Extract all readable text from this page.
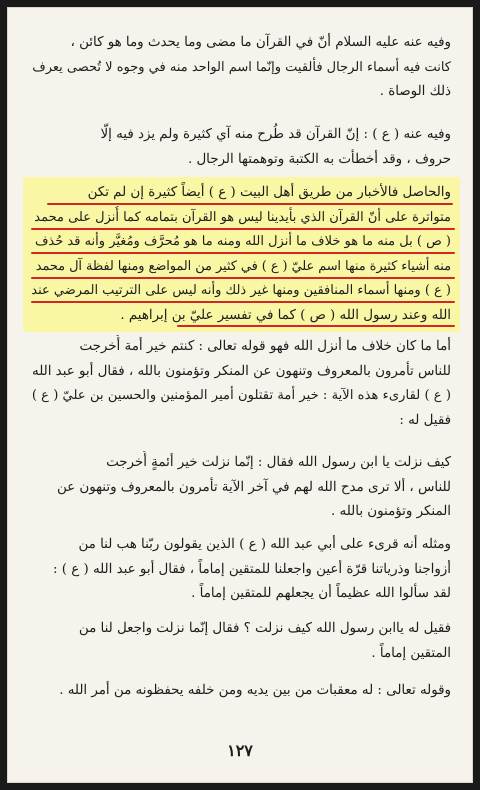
وفيه عنه عليه السلام أنّ في القرآن ما مضى وما يحدث وما هو كائن ،
كانت فيه أسماء الرجال فألقيت وإنّما اسم الواحد منه في وجوه لا تُحصى يعرف
ذلك الوصاة .

وفيه عنه ( ع ) : إنّ القرآن قد طُرح منه آي كثيرة ولم يزد فيه إلّا
حروف ، وقد أخطأت به الكتبة وتوهمتها الرجال .

والحاصل فالأخبار من طريق أهل البيت ( ع ) أيضاً كثيرة إن لم تكن
متواترة على أنّ القرآن الذي بأيدينا ليس هو القرآن بتمامه كما أُنزل على محمد
( ص ) بل منه ما هو خلاف ما أنزل الله ومنه ما هو مُحرَّف ومُغيَّر وأنه قد حُذف
منه أشياء كثيرة منها اسم عليّ ( ع ) في كثير من المواضع ومنها لفظة آل محمد
( ع ) ومنها أسماء المنافقين ومنها غير ذلك وأنه ليس على الترتيب المرضي عند
الله وعند رسول الله ( ص ) كما في تفسير عليّ بن إبراهيم .

أما ما كان خلاف ما أنزل الله فهو قوله تعالى : كنتم خير أمة أُخرجت
للناس تأمرون بالمعروف وتنهون عن المنكر وتؤمنون بالله ، فقال أبو عبد الله
( ع ) لقارىء هذه الآية : خير أمة تقتلون أمير المؤمنين والحسين بن عليّ ( ع )
فقيل له :

كيف نزلت يا ابن رسول الله فقال : إنّما نزلت خير أئمةٍ أُخرجت
للناس ، ألا ترى مدح الله لهم في آخر الآية تأمرون بالمعروف وتنهون عن
المنكر وتؤمنون بالله .

ومثله أنه قرىء على أبي عبد الله ( ع ) الذين يقولون ربّنا هب لنا من
أزواجنا وذرياتنا قرّة أعين واجعلنا للمتقين إماماً ، فقال أبو عبد الله ( ع ) :
لقد سألوا الله عظيماً أن يجعلهم للمتقين إماماً .

فقيل له ياابن رسول الله كيف نزلت ؟ فقال إنّما نزلت واجعل لنا من
المتقين إماماً .

وقوله تعالى : له معقبات من بين يديه ومن خلفه يحفظونه من أمر الله .

١٢٧
